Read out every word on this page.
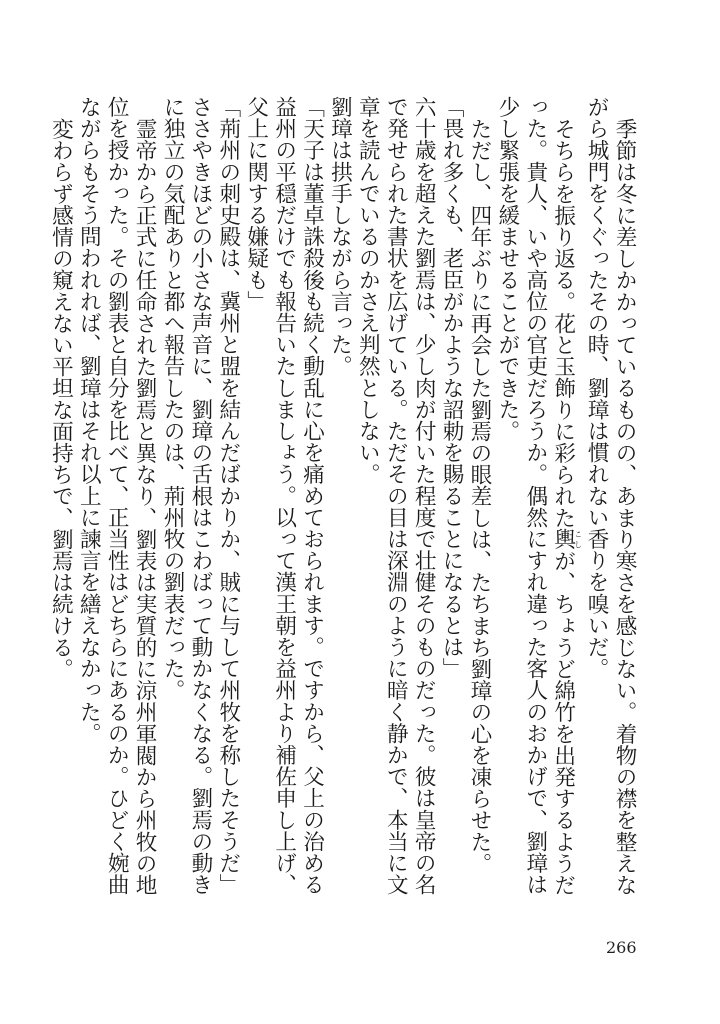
季節は冬に差しかかっているものの、あまり寒さを感じない。着物の襟を整えながら城門をくぐったその時、劉璋は慣れない香りを嗅いだ。

そちらを振り返る。花と玉飾りに彩られた輿こしが、ちょうど綿竹を出発するようだった。貴人、いや高位の官吏だろうか。偶然にすれ違った客人のおかげで、劉璋は少し緊張を緩ませることができた。

ただし、四年ぶりに再会した劉焉の眼差しは、たちまち劉璋の心を凍らせた。

「畏れ多くも、老臣がかような詔勅を賜ることになるとは」

六十歳を超えた劉焉は、少し肉が付いた程度で壮健そのものだった。彼は皇帝の名で発せられた書状を広げている。ただその目は深淵のように暗く静かで、本当に文章を読んでいるのかさえ判然としない。

劉璋は拱手しながら言った。

「天子は董卓誅殺後も続く動乱に心を痛めておられます。ですから、父上の治める益州の平穏だけでも報告いたしましょう。以って漢王朝を益州より補佐申し上げ、父上に関する嫌疑も」

「荊州の刺史殿は、冀州と盟を結んだばかりか、賊に与して州牧を称したそうだ」

ささやきほどの小さな声音に、劉璋の舌根はこわばって動かなくなる。劉焉の動きに独立の気配ありと都へ報告したのは、荊州牧の劉表だった。

霊帝から正式に任命された劉焉と異なり、劉表は実質的に涼州軍閥から州牧の地位を授かった。その劉表と自分を比べて、正当性はどちらにあるのか。ひどく婉曲ながらもそう問われれば、劉璋はそれ以上に諫言を繕えなかった。

変わらず感情の窺えない平坦な面持ちで、劉焉は続ける。

266
